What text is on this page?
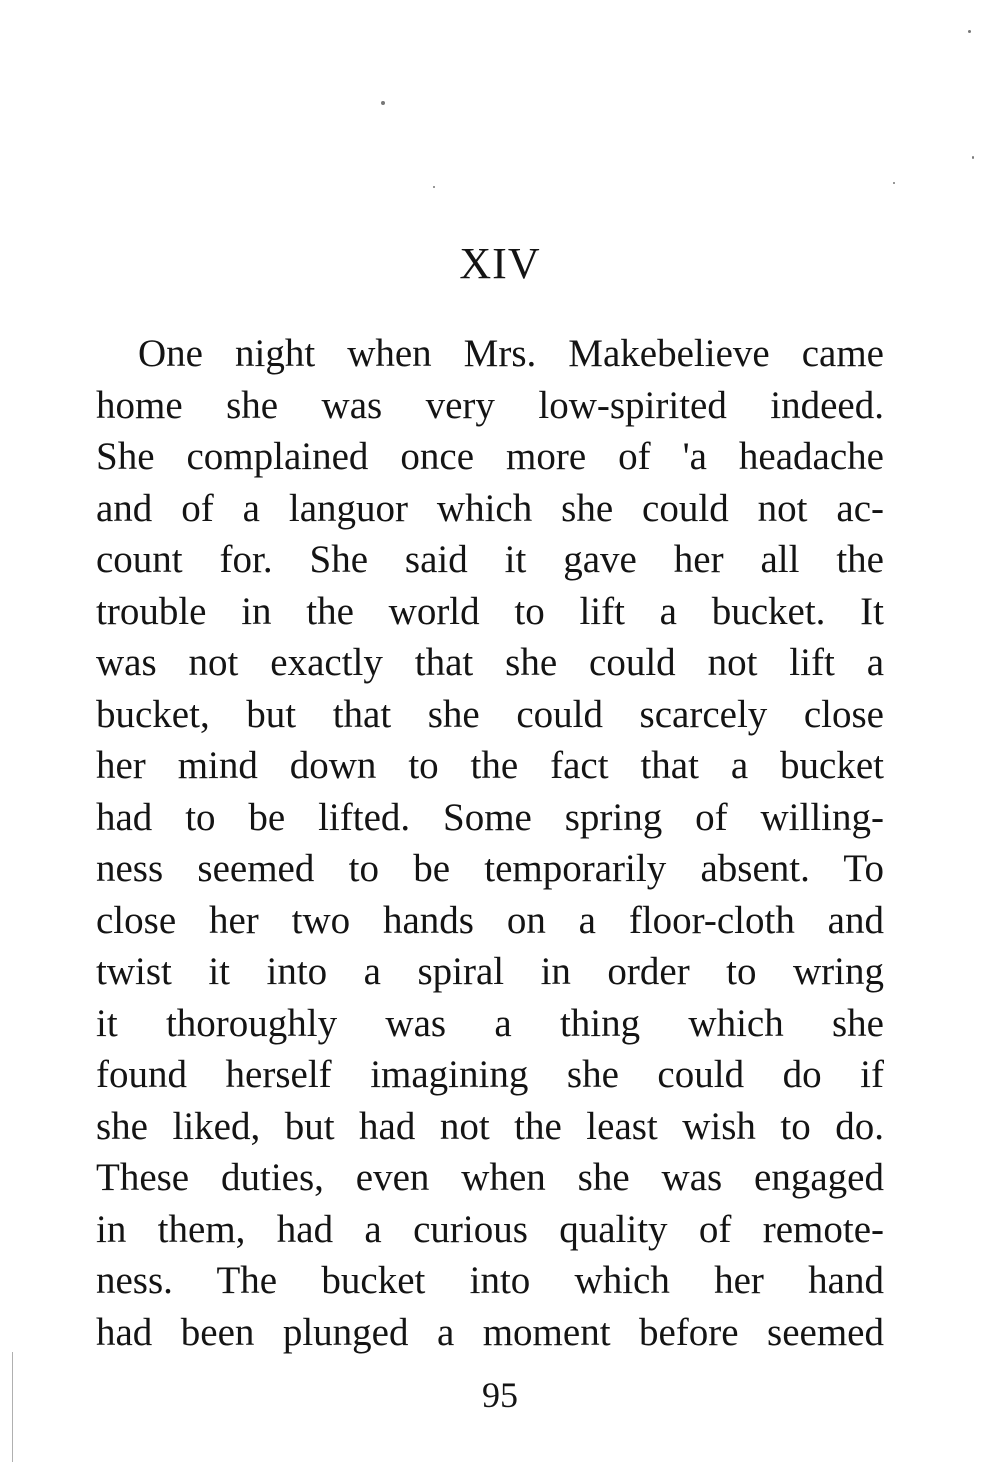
XIV
One night when Mrs. Makebelieve came
home she was very low-spirited indeed.
She complained once more of 'a headache
and of a languor which she could not ac-
count for. She said it gave her all the
trouble in the world to lift a bucket. It
was not exactly that she could not lift a
bucket, but that she could scarcely close
her mind down to the fact that a bucket
had to be lifted. Some spring of willing-
ness seemed to be temporarily absent. To
close her two hands on a floor-cloth and
twist it into a spiral in order to wring
it thoroughly was a thing which she
found herself imagining she could do if
she liked, but had not the least wish to do.
These duties, even when she was engaged
in them, had a curious quality of remote-
ness. The bucket into which her hand
had been plunged a moment before seemed
95
